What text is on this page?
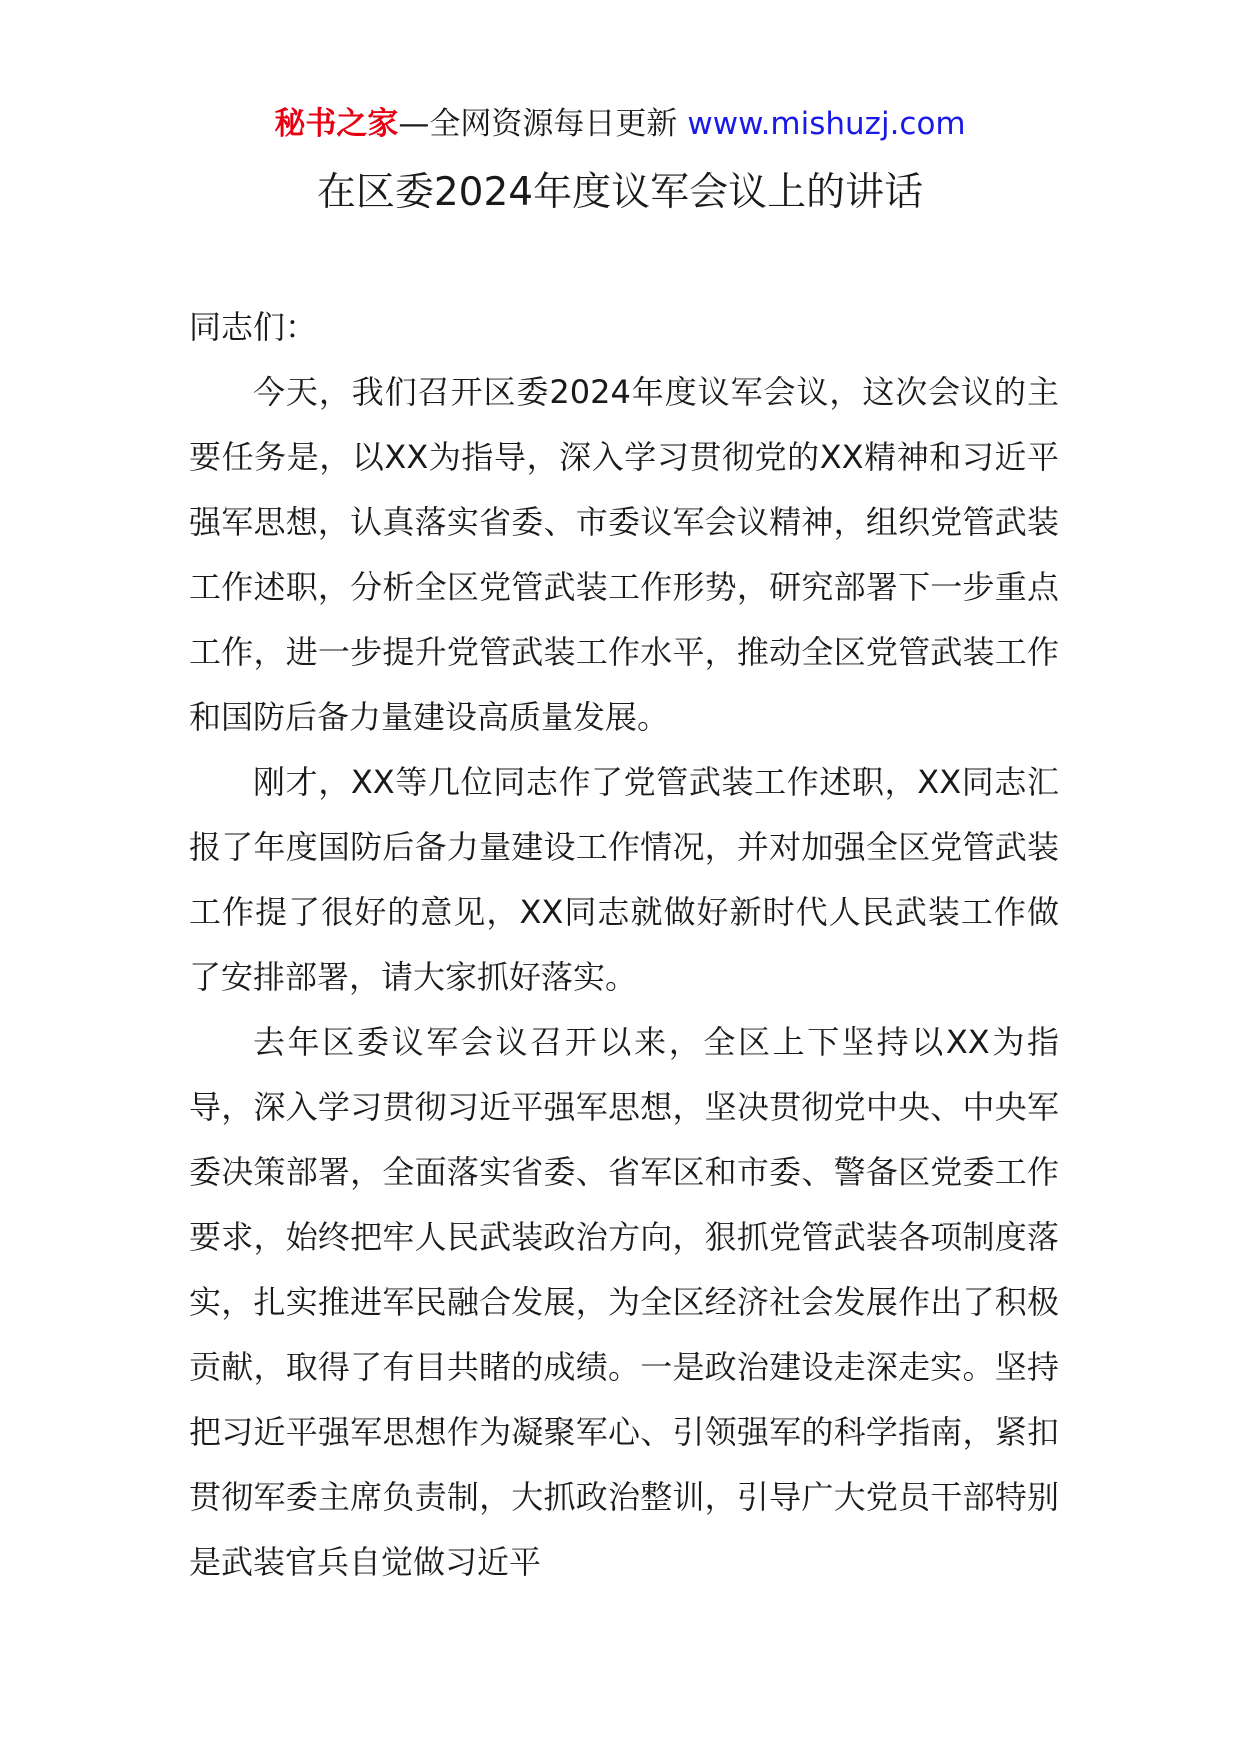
秘书之家—全网资源每日更新 www.mishuzj.com
在区委2024年度议军会议上的讲话

同志们：

今天，我们召开区委2024年度议军会议，这次会议的主要任务是，以XX为指导，深入学习贯彻党的XX精神和习近平强军思想，认真落实省委、市委议军会议精神，组织党管武装工作述职，分析全区党管武装工作形势，研究部署下一步重点工作，进一步提升党管武装工作水平，推动全区党管武装工作和国防后备力量建设高质量发展。

刚才，XX等几位同志作了党管武装工作述职，XX同志汇报了年度国防后备力量建设工作情况，并对加强全区党管武装工作提了很好的意见，XX同志就做好新时代人民武装工作做了安排部署，请大家抓好落实。

去年区委议军会议召开以来，全区上下坚持以XX为指导，深入学习贯彻习近平强军思想，坚决贯彻党中央、中央军委决策部署，全面落实省委、省军区和市委、警备区党委工作要求，始终把牢人民武装政治方向，狠抓党管武装各项制度落实，扎实推进军民融合发展，为全区经济社会发展作出了积极贡献，取得了有目共睹的成绩。一是政治建设走深走实。坚持把习近平强军思想作为凝聚军心、引领强军的科学指南，紧扣贯彻军委主席负责制，大抓政治整训，引导广大党员干部特别是武装官兵自觉做习近平
